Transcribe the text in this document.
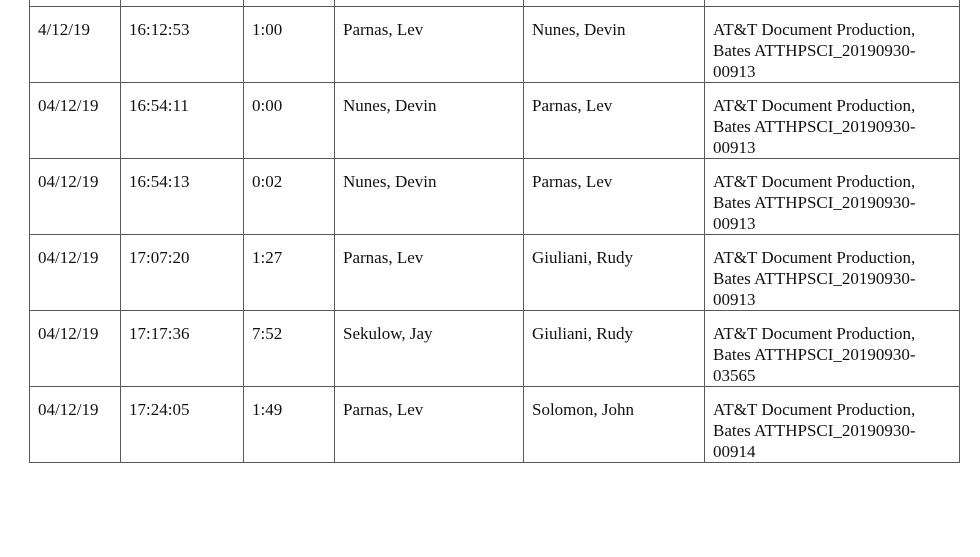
4/12/19	16:12:53	1:00	Parnas, Lev	Nunes, Devin	AT&T Document Production,
Bates ATTHPSCI_20190930-
00913

04/12/19	16:54:11	0:00	Nunes, Devin	Parnas, Lev	AT&T Document Production,
Bates ATTHPSCI_20190930-
00913

04/12/19	16:54:13	0:02	Nunes, Devin	Parnas, Lev	AT&T Document Production,
Bates ATTHPSCI_20190930-
00913

04/12/19	17:07:20	1:27	Parnas, Lev	Giuliani, Rudy	AT&T Document Production,
Bates ATTHPSCI_20190930-
00913

04/12/19	17:17:36	7:52	Sekulow, Jay	Giuliani, Rudy	AT&T Document Production,
Bates ATTHPSCI_20190930-
03565

04/12/19	17:24:05	1:49	Parnas, Lev	Solomon, John	AT&T Document Production,
Bates ATTHPSCI_20190930-
00914
